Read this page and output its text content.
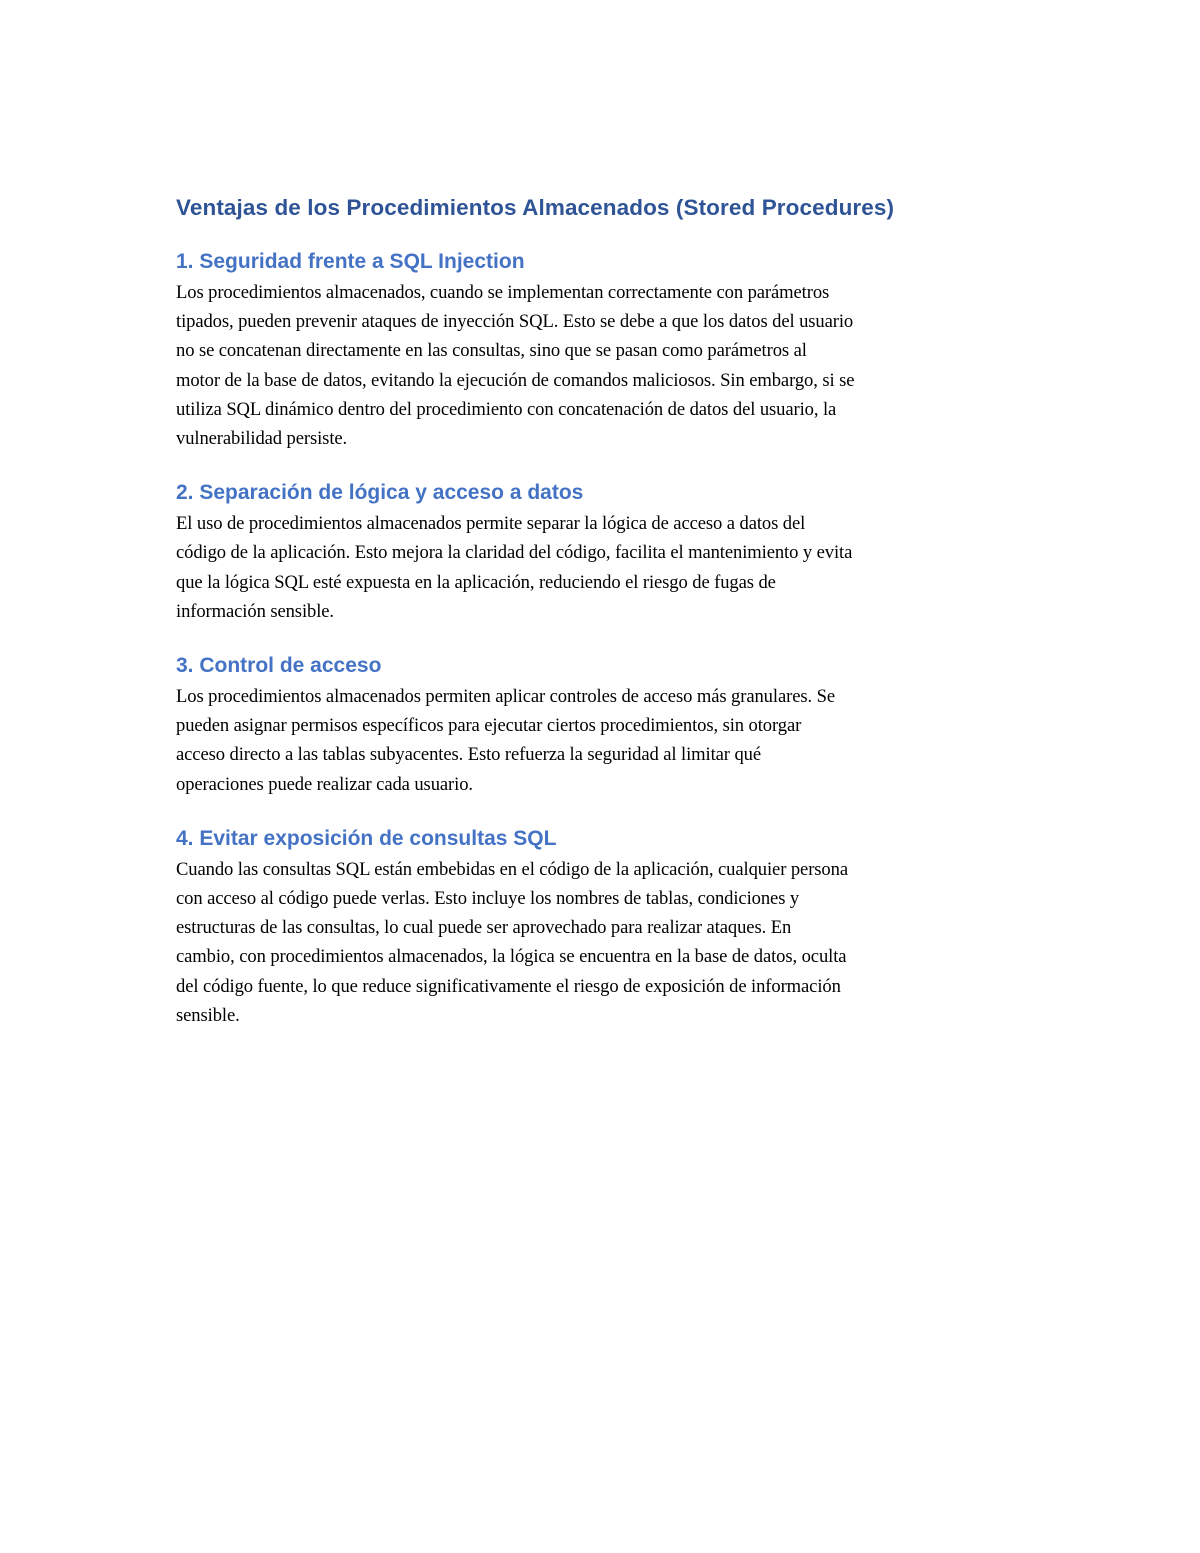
Ventajas de los Procedimientos Almacenados (Stored Procedures)
1. Seguridad frente a SQL Injection

Los procedimientos almacenados, cuando se implementan correctamente con parámetros
tipados, pueden prevenir ataques de inyección SQL. Esto se debe a que los datos del usuario
no se concatenan directamente en las consultas, sino que se pasan como parámetros al
motor de la base de datos, evitando la ejecución de comandos maliciosos. Sin embargo, si se
utiliza SQL dinámico dentro del procedimiento con concatenación de datos del usuario, la
vulnerabilidad persiste.

2. Separación de lógica y acceso a datos

El uso de procedimientos almacenados permite separar la lógica de acceso a datos del
código de la aplicación. Esto mejora la claridad del código, facilita el mantenimiento y evita
que la lógica SQL esté expuesta en la aplicación, reduciendo el riesgo de fugas de
información sensible.

3. Control de acceso

Los procedimientos almacenados permiten aplicar controles de acceso más granulares. Se
pueden asignar permisos específicos para ejecutar ciertos procedimientos, sin otorgar
acceso directo a las tablas subyacentes. Esto refuerza la seguridad al limitar qué
operaciones puede realizar cada usuario.

4. Evitar exposición de consultas SQL

Cuando las consultas SQL están embebidas en el código de la aplicación, cualquier persona
con acceso al código puede verlas. Esto incluye los nombres de tablas, condiciones y
estructuras de las consultas, lo cual puede ser aprovechado para realizar ataques. En
cambio, con procedimientos almacenados, la lógica se encuentra en la base de datos, oculta
del código fuente, lo que reduce significativamente el riesgo de exposición de información
sensible.
